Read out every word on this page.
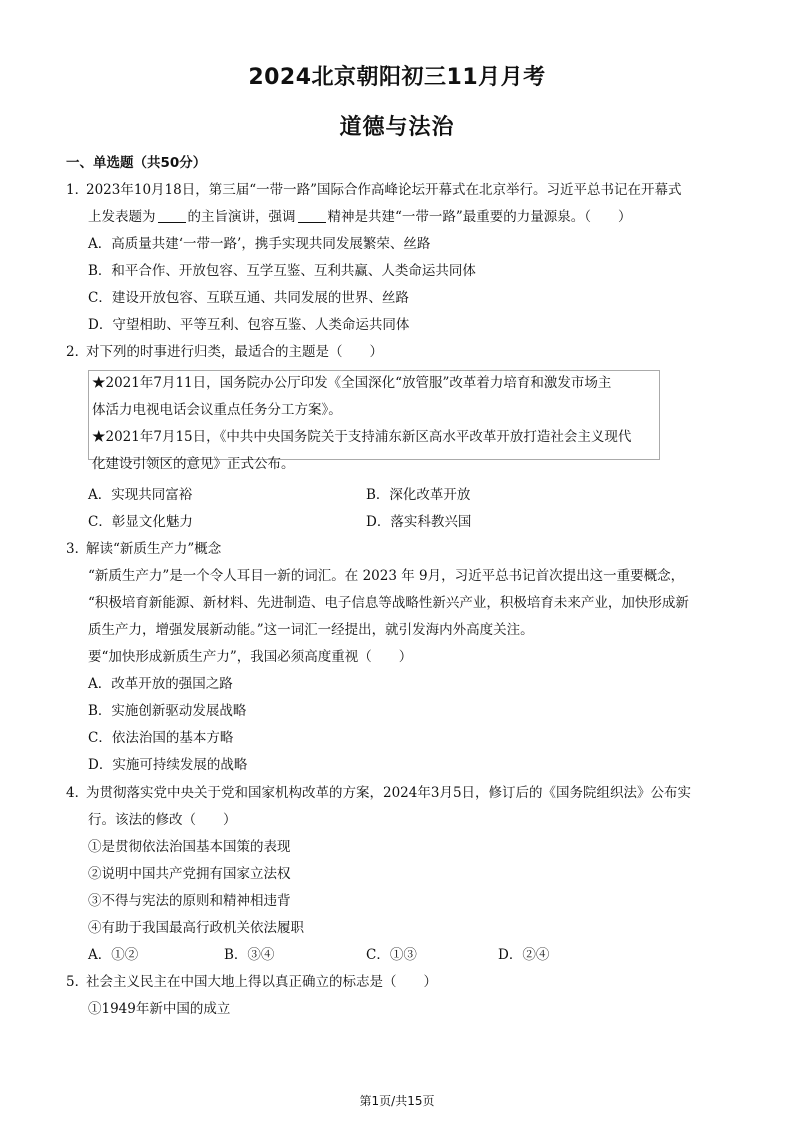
2024北京朝阳初三11月月考
道德与法治
一、单选题（共50分）
1．2023年10月18日，第三届“一带一路”国际合作高峰论坛开幕式在北京举行。习近平总书记在开幕式
上发表题为 的主旨演讲，强调 精神是共建“一带一路”最重要的力量源泉。（　　）
A．高质量共建‘一带一路’，携手实现共同发展繁荣、丝路
B．和平合作、开放包容、互学互鉴、互利共赢、人类命运共同体
C．建设开放包容、互联互通、共同发展的世界、丝路
D．守望相助、平等互利、包容互鉴、人类命运共同体
2．对下列的时事进行归类，最适合的主题是（　　）
★2021年7月11日，国务院办公厅印发《全国深化“放管服”改革着力培育和激发市场主
体活力电视电话会议重点任务分工方案》。
★2021年7月15日，《中共中央国务院关于支持浦东新区高水平改革开放打造社会主义现代
化建设引领区的意见》正式公布。
A．实现共同富裕	B．深化改革开放
C．彰显文化魅力	D．落实科教兴国
3．解读“新质生产力”概念
“新质生产力”是一个令人耳目一新的词汇。在 2023 年 9月，习近平总书记首次提出这一重要概念，
“积极培育新能源、新材料、先进制造、电子信息等战略性新兴产业，积极培育未来产业，加快形成新
质生产力，增强发展新动能。”这一词汇一经提出，就引发海内外高度关注。
要“加快形成新质生产力”，我国必须高度重视（　　）
A．改革开放的强国之路
B．实施创新驱动发展战略
C．依法治国的基本方略
D．实施可持续发展的战略
4．为贯彻落实党中央关于党和国家机构改革的方案，2024年3月5日，修订后的《国务院组织法》公布实
行。该法的修改（　　）
①是贯彻依法治国基本国策的表现
②说明中国共产党拥有国家立法权
③不得与宪法的原则和精神相违背
④有助于我国最高行政机关依法履职
A．①②	B．③④	C．①③	D．②④
5．社会主义民主在中国大地上得以真正确立的标志是（　　）
①1949年新中国的成立
第1页/共15页
